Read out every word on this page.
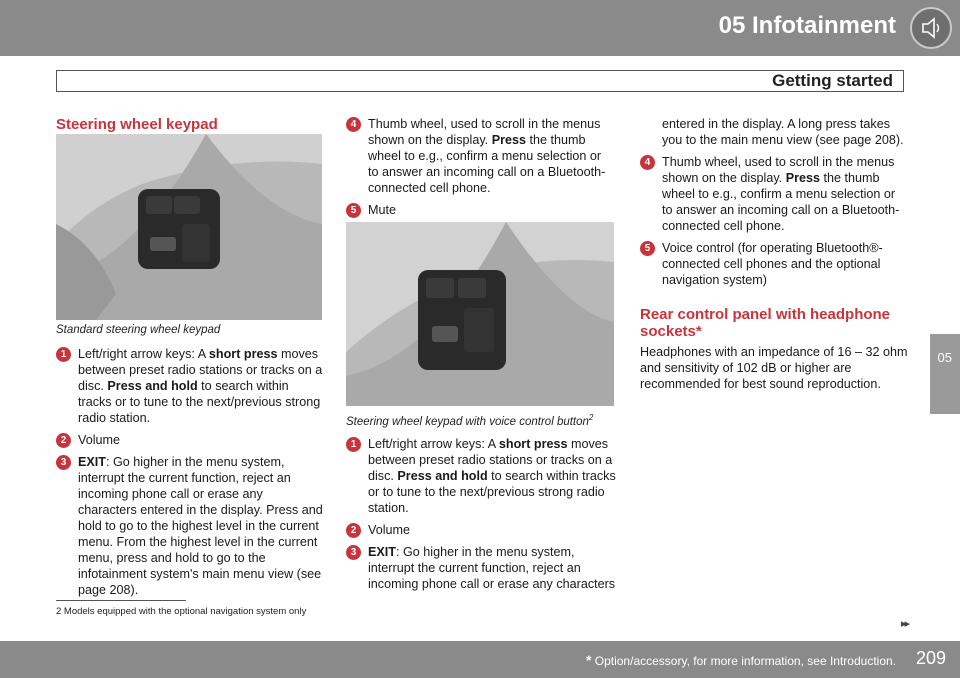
05 Infotainment
Getting started
05
Steering wheel keypad
Standard steering wheel keypad
1 Left/right arrow keys: A short press moves between preset radio stations or tracks on a disc. Press and hold to search within tracks or to tune to the next/previous strong radio station.
2 Volume
3 EXIT: Go higher in the menu system, interrupt the current function, reject an incoming phone call or erase any characters entered in the display. Press and hold to go to the highest level in the current menu. From the highest level in the current menu, press and hold to go to the infotainment system's main menu view (see page 208).
4 Thumb wheel, used to scroll in the menus shown on the display. Press the thumb wheel to e.g., confirm a menu selection or to answer an incoming call on a Bluetooth-connected cell phone.
5 Mute
Steering wheel keypad with voice control button$^2$
1 Left/right arrow keys: A short press moves between preset radio stations or tracks on a disc. Press and hold to search within tracks or to tune to the next/previous strong radio station.
2 Volume
3 EXIT: Go higher in the menu system, interrupt the current function, reject an incoming phone call or erase any characters
entered in the display. A long press takes you to the main menu view (see page 208).
4 Thumb wheel, used to scroll in the menus shown on the display. Press the thumb wheel to e.g., confirm a menu selection or to answer an incoming call on a Bluetooth-connected cell phone.
5 Voice control (for operating Bluetooth®-connected cell phones and the optional navigation system)
Rear control panel with headphone sockets*
Headphones with an impedance of 16 – 32 ohm and sensitivity of 102 dB or higher are recommended for best sound reproduction.
2 Models equipped with the optional navigation system only
▸▸
* Option/accessory, for more information, see Introduction. 209
